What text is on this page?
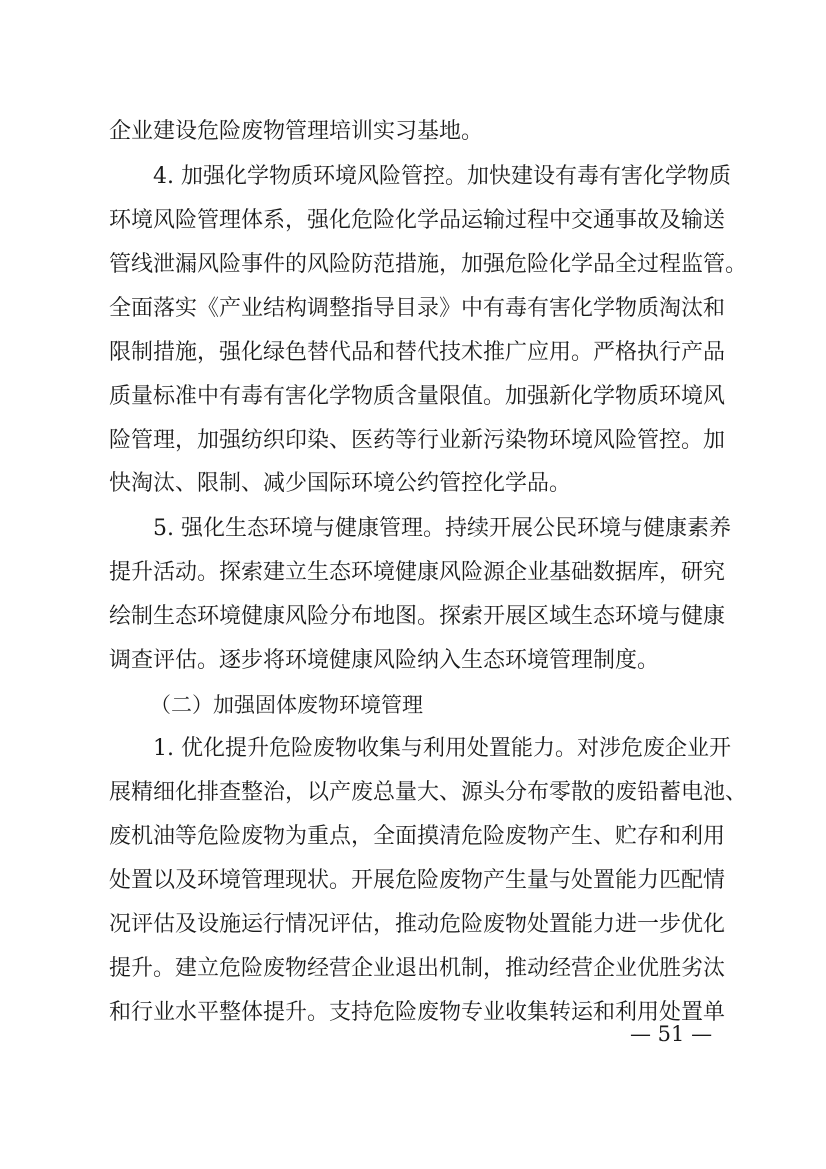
企业建设危险废物管理培训实习基地。
4. 加强化学物质环境风险管控。加快建设有毒有害化学物质
环境风险管理体系，强化危险化学品运输过程中交通事故及输送
管线泄漏风险事件的风险防范措施，加强危险化学品全过程监管。
全面落实《产业结构调整指导目录》中有毒有害化学物质淘汰和
限制措施，强化绿色替代品和替代技术推广应用。严格执行产品
质量标准中有毒有害化学物质含量限值。加强新化学物质环境风
险管理，加强纺织印染、医药等行业新污染物环境风险管控。加
快淘汰、限制、减少国际环境公约管控化学品。
5. 强化生态环境与健康管理。持续开展公民环境与健康素养
提升活动。探索建立生态环境健康风险源企业基础数据库，研究
绘制生态环境健康风险分布地图。探索开展区域生态环境与健康
调查评估。逐步将环境健康风险纳入生态环境管理制度。
（二）加强固体废物环境管理
1. 优化提升危险废物收集与利用处置能力。对涉危废企业开
展精细化排查整治，以产废总量大、源头分布零散的废铅蓄电池、
废机油等危险废物为重点，全面摸清危险废物产生、贮存和利用
处置以及环境管理现状。开展危险废物产生量与处置能力匹配情
况评估及设施运行情况评估，推动危险废物处置能力进一步优化
提升。建立危险废物经营企业退出机制，推动经营企业优胜劣汰
和行业水平整体提升。支持危险废物专业收集转运和利用处置单
— 51 —
